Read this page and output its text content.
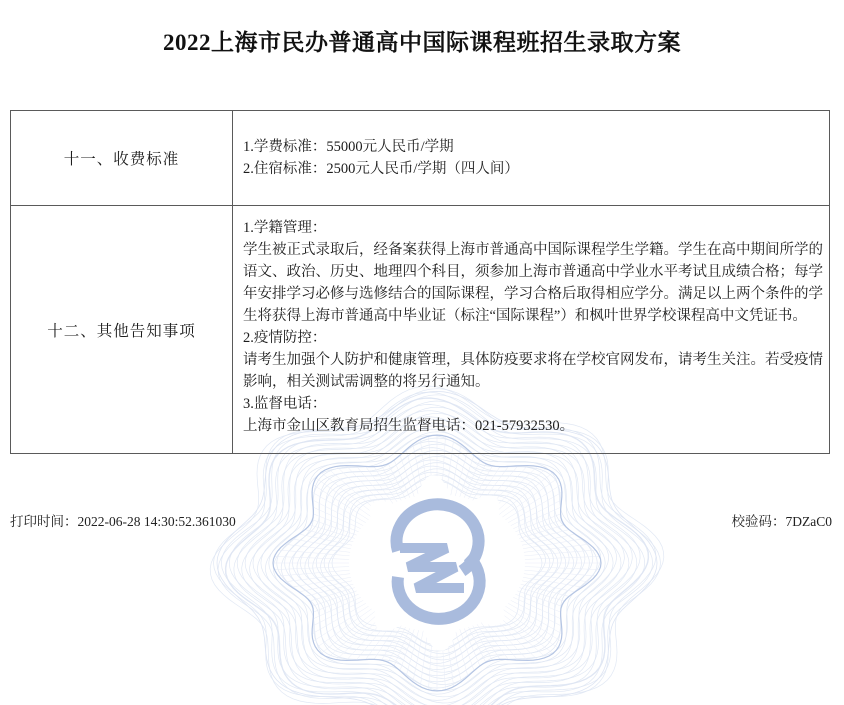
2022上海市民办普通高中国际课程班招生录取方案
十一、收费标准
1.学费标准：55000元人民币/学期
2.住宿标准：2500元人民币/学期（四人间）
十二、其他告知事项
1.学籍管理：
学生被正式录取后，经备案获得上海市普通高中国际课程学生学籍。学生在高中期间所学的
语文、政治、历史、地理四个科目，须参加上海市普通高中学业水平考试且成绩合格；每学
年安排学习必修与选修结合的国际课程，学习合格后取得相应学分。满足以上两个条件的学
生将获得上海市普通高中毕业证（标注“国际课程”）和枫叶世界学校课程高中文凭证书。
2.疫情防控：
请考生加强个人防护和健康管理，具体防疫要求将在学校官网发布，请考生关注。若受疫情
影响，相关测试需调整的将另行通知。
3.监督电话：
上海市金山区教育局招生监督电话：021-57932530。
打印时间：2022-06-28 14:30:52.361030	校验码：7DZaC0
